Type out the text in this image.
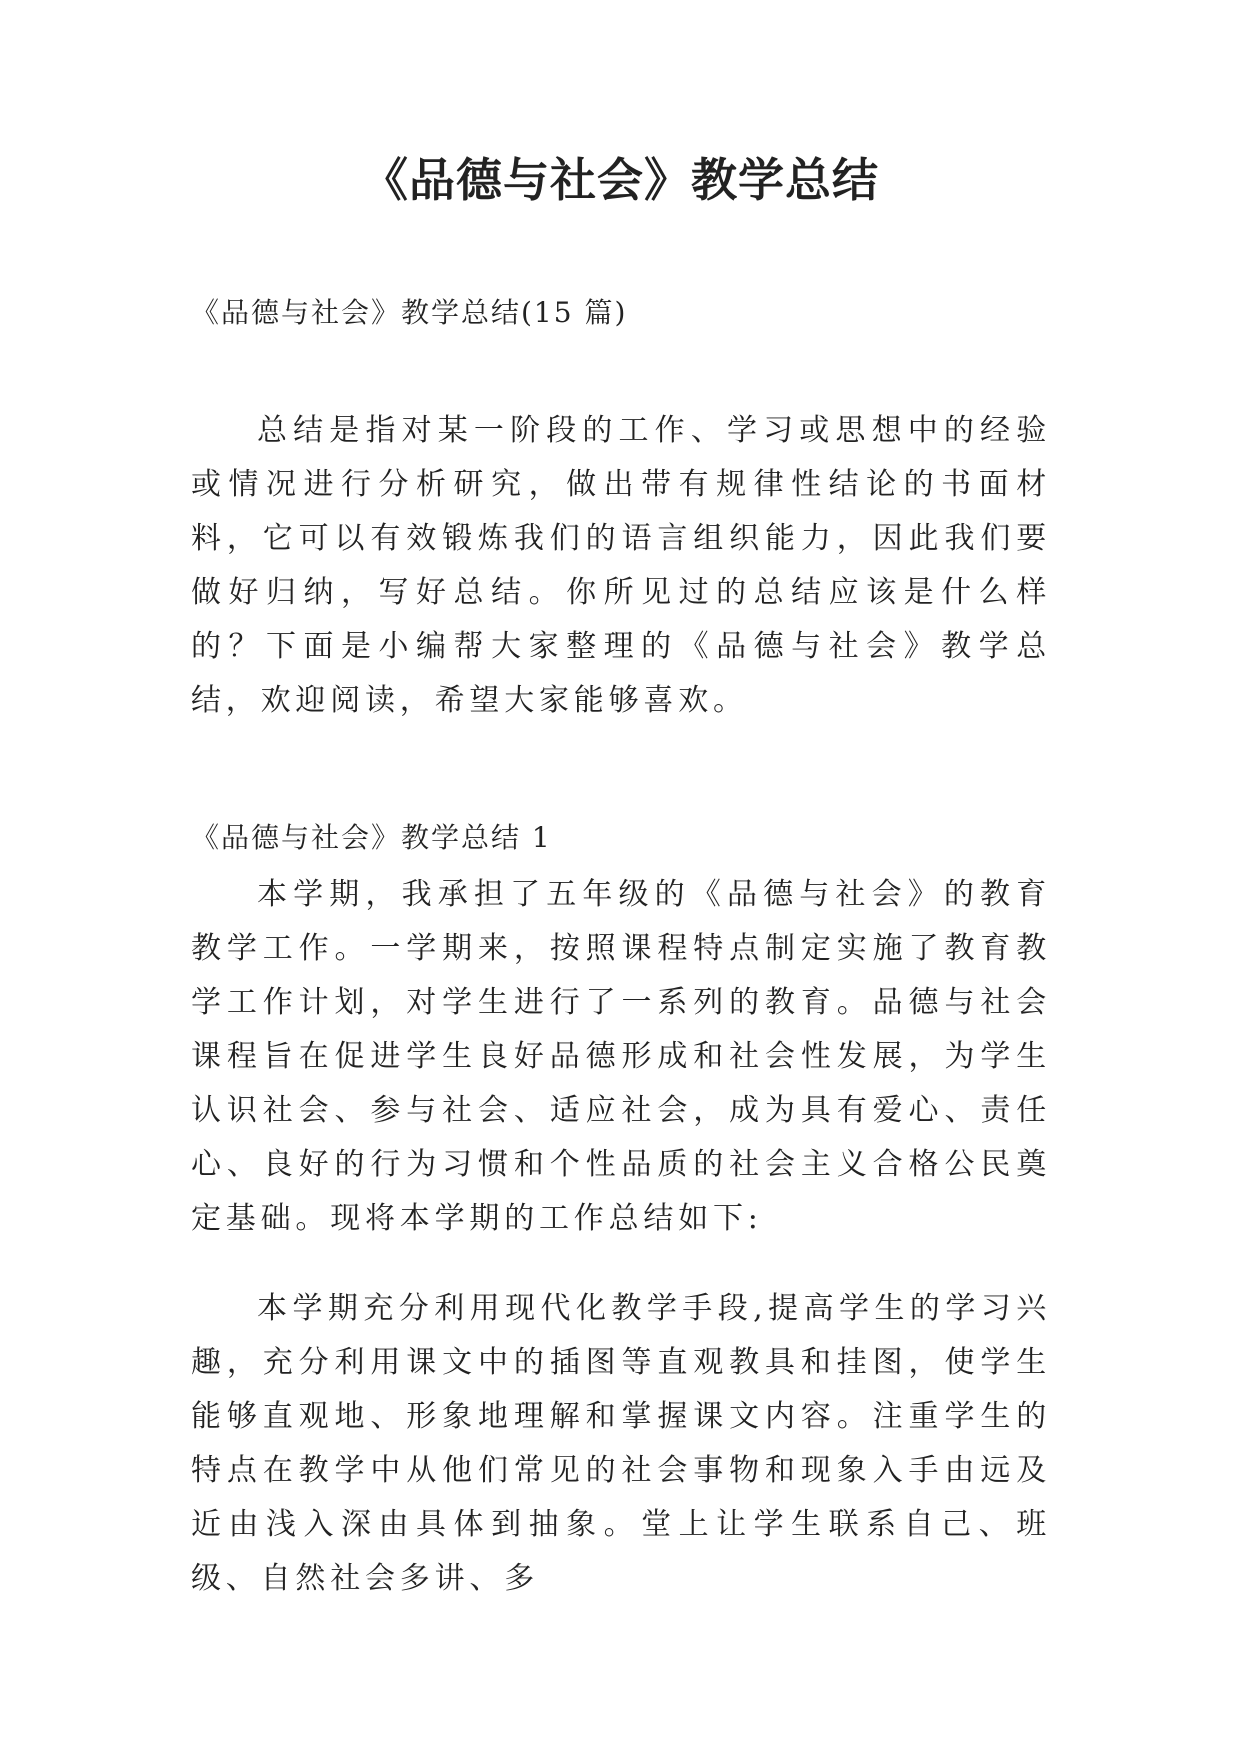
《品德与社会》教学总结

《品德与社会》教学总结(15 篇)

总结是指对某一阶段的工作、学习或思想中的经验或情况进行分析研究，做出带有规律性结论的书面材料，它可以有效锻炼我们的语言组织能力，因此我们要做好归纳，写好总结。你所见过的总结应该是什么样的？下面是小编帮大家整理的《品德与社会》教学总结，欢迎阅读，希望大家能够喜欢。

《品德与社会》教学总结 1

本学期，我承担了五年级的《品德与社会》的教育教学工作。一学期来，按照课程特点制定实施了教育教学工作计划，对学生进行了一系列的教育。品德与社会课程旨在促进学生良好品德形成和社会性发展，为学生认识社会、参与社会、适应社会，成为具有爱心、责任心、良好的行为习惯和个性品质的社会主义合格公民奠定基础。现将本学期的工作总结如下:

本学期充分利用现代化教学手段,提高学生的学习兴趣，充分利用课文中的插图等直观教具和挂图，使学生能够直观地、形象地理解和掌握课文内容。注重学生的特点在教学中从他们常见的社会事物和现象入手由远及近由浅入深由具体到抽象。堂上让学生联系自己、班级、自然社会多讲、多
